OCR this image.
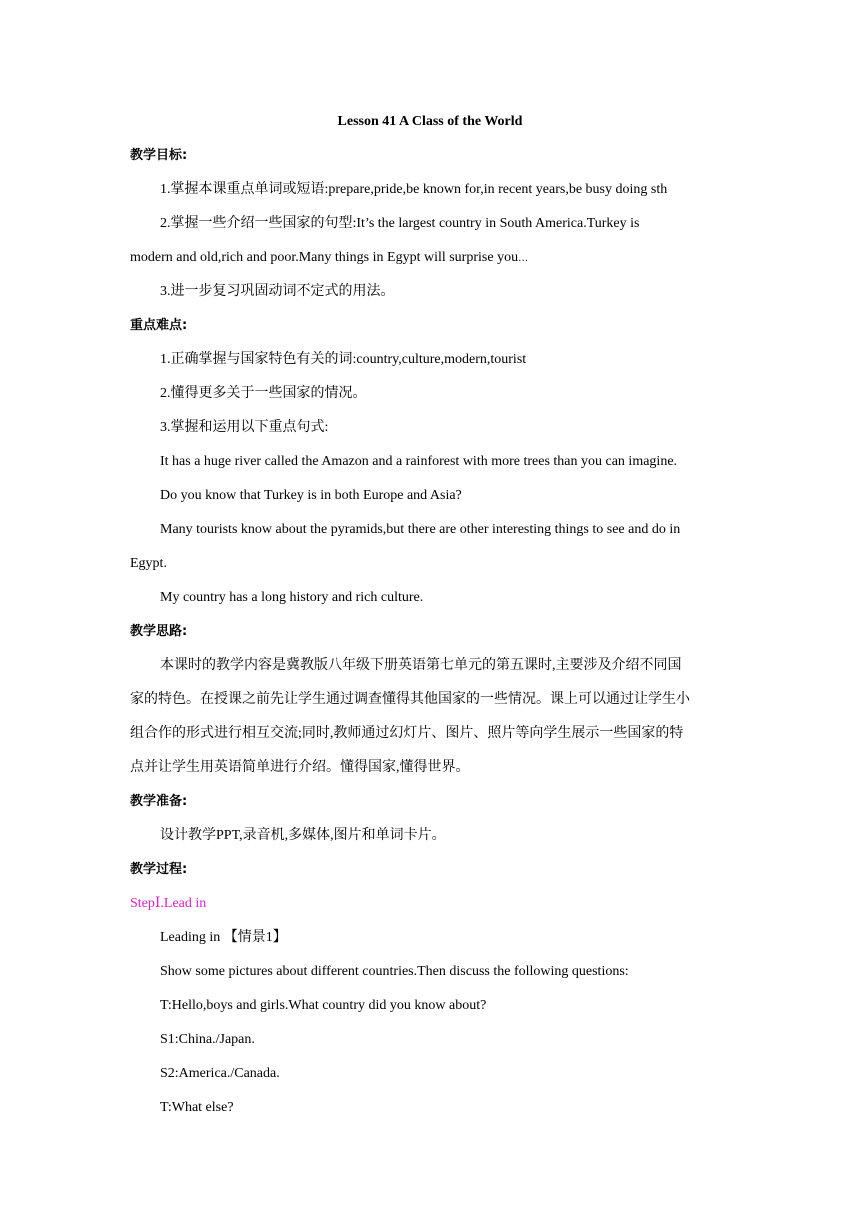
Lesson 41 A Class of the World
教学目标:
1.掌握本课重点单词或短语:prepare,pride,be known for,in recent years,be busy doing sth
2.掌握一些介绍一些国家的句型:It’s the largest country in South America.Turkey is
modern and old,rich and poor.Many things in Egypt will surprise you…
3.进一步复习巩固动词不定式的用法。
重点难点:
1.正确掌握与国家特色有关的词:country,culture,modern,tourist
2.懂得更多关于一些国家的情况。
3.掌握和运用以下重点句式:
It has a huge river called the Amazon and a rainforest with more trees than you can imagine.
Do you know that Turkey is in both Europe and Asia?
Many tourists know about the pyramids,but there are other interesting things to see and do in
Egypt.
My country has a long history and rich culture.
教学思路:
本课时的教学内容是冀教版八年级下册英语第七单元的第五课时,主要涉及介绍不同国
家的特色。在授课之前先让学生通过调查懂得其他国家的一些情况。课上可以通过让学生小
组合作的形式进行相互交流;同时,教师通过幻灯片、图片、照片等向学生展示一些国家的特
点并让学生用英语简单进行介绍。懂得国家,懂得世界。
教学准备:
设计教学PPT,录音机,多媒体,图片和单词卡片。
教学过程:
StepⅠ.Lead in
Leading in 【情景1】
Show some pictures about different countries.Then discuss the following questions:
T:Hello,boys and girls.What country did you know about?
S1:China./Japan.
S2:America./Canada.
T:What else?
